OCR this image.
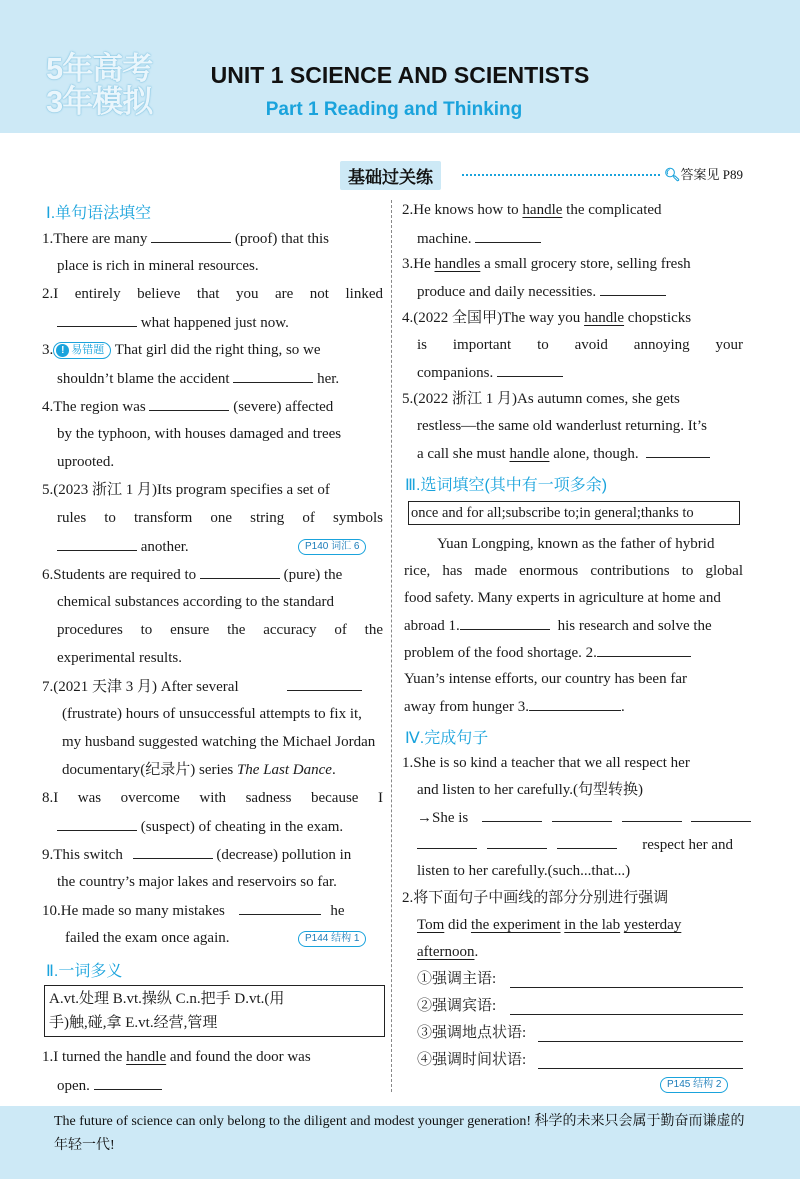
5年高考 3年模拟
UNIT 1 SCIENCE AND SCIENTISTS
Part 1 Reading and Thinking
基础过关练	🔍︎答案见 P89
Ⅰ.单句语法填空
1.There are many	(proof) that this
place is rich in mineral resources.
2.I entirely believe that you are not linked
what happened just now.
3. ! 易错题 That girl did the right thing, so we
shouldn’t blame the accident	her.
4.The region was	(severe) affected
by the typhoon, with houses damaged and trees
uprooted.
5.(2023 浙江 1 月)Its program specifies a set of
rules to transform one string of symbols
another.	P140 词汇 6
6.Students are required to	(pure) the
chemical substances according to the standard
procedures to ensure the accuracy of the
experimental results.
7.(2021 天津 3 月) After several
(frustrate) hours of unsuccessful attempts to fix it,
my husband suggested watching the Michael Jordan
documentary(纪录片) series The Last Dance.
8.I was overcome with sadness because I
(suspect) of cheating in the exam.
9.This switch	(decrease) pollution in
the country’s major lakes and reservoirs so far.
10.He made so many mistakes	he
failed the exam once again.	P144 结构 1
Ⅱ.一词多义
A.vt.处理 B.vt.操纵 C.n.把手 D.vt.(用
手)触,碰,拿 E.vt.经营,管理
1.I turned the handle and found the door was
open.
2.He knows how to handle the complicated
machine.
3.He handles a small grocery store, selling fresh
produce and daily necessities.
4.(2022 全国甲)The way you handle chopsticks
is important to avoid annoying your
companions.
5.(2022 浙江 1 月)As autumn comes, she gets
restless—the same old wanderlust returning. It’s
a call she must handle alone, though.
Ⅲ.选词填空(其中有一项多余)
once and for all;subscribe to;in general;thanks to
Yuan Longping, known as the father of hybrid
rice, has made enormous contributions to global
food safety. Many experts in agriculture at home and
abroad 1.	his research and solve the
problem of the food shortage. 2.
Yuan’s intense efforts, our country has been far
away from hunger 3.	.
Ⅳ.完成句子
1.She is so kind a teacher that we all respect her
and listen to her carefully.(句型转换)
→She is
respect her and
listen to her carefully.(such...that...)
2.将下面句子中画线的部分分别进行强调
Tom did the experiment in the lab yesterday
afternoon.
①强调主语:
②强调宾语:
③强调地点状语:
④强调时间状语:
P145 结构 2
The future of science can only belong to the diligent and modest younger generation! 科学的未来只会属于勤奋而谦虚的年轻一代!
